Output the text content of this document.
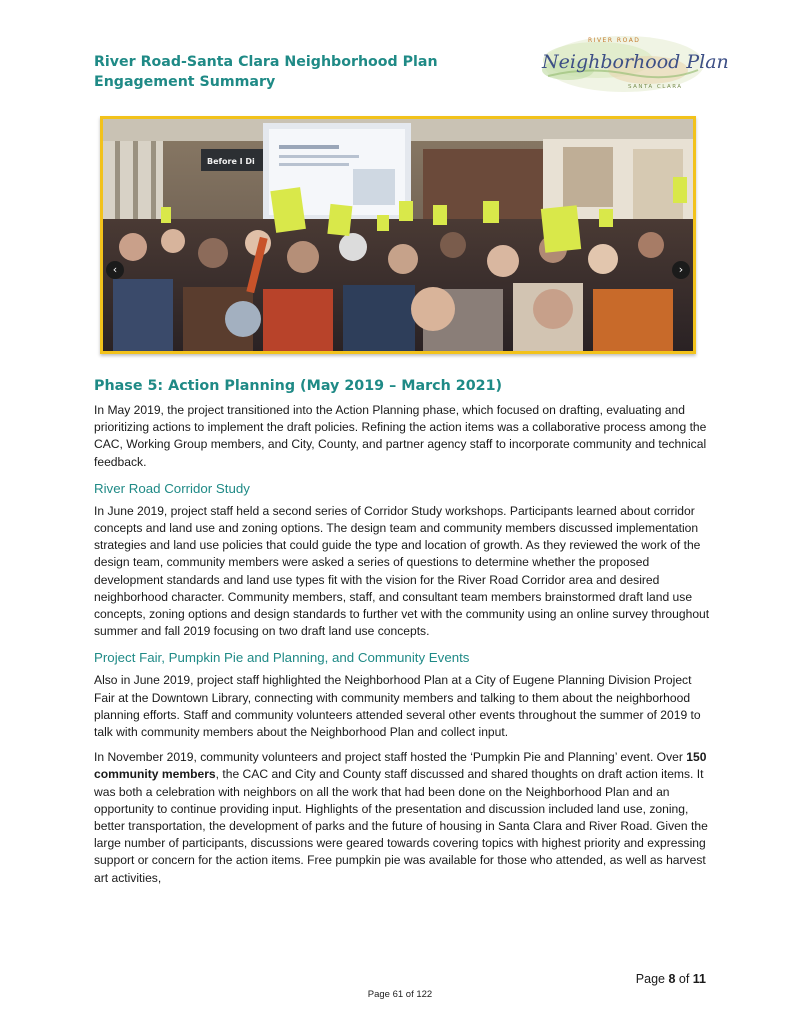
River Road-Santa Clara Neighborhood Plan
Engagement Summary
RIVER ROAD
Neighborhood Plan
SANTA CLARA
Before I Di
‹	›
Phase 5: Action Planning (May 2019 – March 2021)

In May 2019, the project transitioned into the Action Planning phase, which focused on drafting, evaluating and prioritizing actions to implement the draft policies. Refining the action items was a collaborative process among the CAC, Working Group members, and City, County, and partner agency staff to incorporate community and technical feedback.

River Road Corridor Study

In June 2019, project staff held a second series of Corridor Study workshops. Participants learned about corridor concepts and land use and zoning options. The design team and community members discussed implementation strategies and land use policies that could guide the type and location of growth. As they reviewed the work of the design team, community members were asked a series of questions to determine whether the proposed development standards and land use types fit with the vision for the River Road Corridor area and desired neighborhood character. Community members, staff, and consultant team members brainstormed draft land use concepts, zoning options and design standards to further vet with the community using an online survey throughout summer and fall 2019 focusing on two draft land use concepts.

Project Fair, Pumpkin Pie and Planning, and Community Events

Also in June 2019, project staff highlighted the Neighborhood Plan at a City of Eugene Planning Division Project Fair at the Downtown Library, connecting with community members and talking to them about the neighborhood planning efforts. Staff and community volunteers attended several other events throughout the summer of 2019 to talk with community members about the Neighborhood Plan and collect input.

In November 2019, community volunteers and project staff hosted the ‘Pumpkin Pie and Planning’ event. Over 150 community members, the CAC and City and County staff discussed and shared thoughts on draft action items. It was both a celebration with neighbors on all the work that had been done on the Neighborhood Plan and an opportunity to continue providing input. Highlights of the presentation and discussion included land use, zoning, better transportation, the development of parks and the future of housing in Santa Clara and River Road. Given the large number of participants, discussions were geared towards covering topics with highest priority and expressing support or concern for the action items. Free pumpkin pie was available for those who attended, as well as harvest art activities,

Page 8 of 11
Page 61 of 122
